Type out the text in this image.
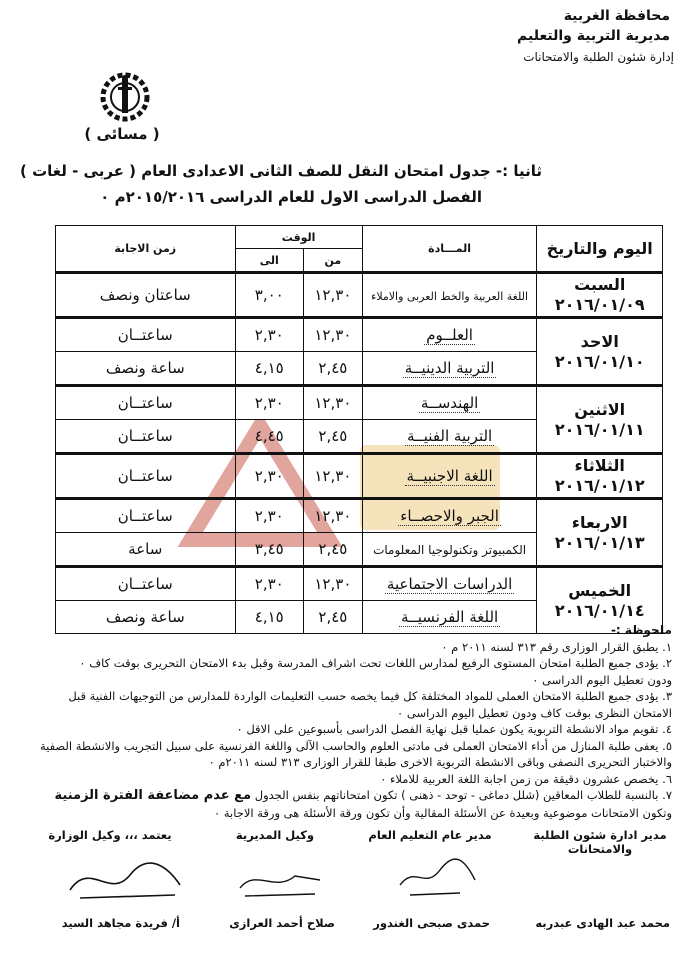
محافظة الغربية
مديرية التربية والتعليم
إدارة شئون الطلبة والامتحانات
( مسائى )
ثانيا :- جدول امتحان النقل للصف الثانى الاعدادى العام ( عربى - لغات )
الفصل الدراسى الاول للعام الدراسى ٢٠١٥/٢٠١٦م ٠
اليوم والتاريخ	المـــادة	الوقت		زمن الاجابة
		من	الى	

السبت
٢٠١٦/٠١/٠٩	اللغة العربية والخط العربى والاملاء	١٢,٣٠	٣,٠٠	ساعتان ونصف

الاحد
٢٠١٦/٠١/١٠	العلــوم	١٢,٣٠	٢,٣٠	ساعتــان
	التربية الدينيــة	٢,٤٥	٤,١٥	ساعة ونصف

الاثنين
٢٠١٦/٠١/١١	الهندســة	١٢,٣٠	٢,٣٠	ساعتــان
	التربية الفنيــة	٢,٤٥	٤,٤٥	ساعتــان

الثلاثاء
٢٠١٦/٠١/١٢	اللغة الاجنبيــة	١٢,٣٠	٢,٣٠	ساعتــان

الاربعاء
٢٠١٦/٠١/١٣	الجبر والاحصــاء	١٢,٣٠	٢,٣٠	ساعتــان
	الكمبيوتر وتكنولوجيا المعلومات	٢,٤٥	٣,٤٥	ساعة

الخميس
٢٠١٦/٠١/١٤	الدراسات الاجتماعية	١٢,٣٠	٢,٣٠	ساعتــان
	اللغة الفرنسيــة	٢,٤٥	٤,١٥	ساعة ونصف
ملحوظة :-
١. يطبق القرار الوزارى رقم ٣١٣ لسنه ٢٠١١ م ٠
٢. يؤدى جميع الطلبة امتحان المستوى الرفيع لمدارس اللغات تحت اشراف المدرسة وقبل بدء الامتحان التحريرى بوقت كاف ٠
ودون تعطيل اليوم الدراسى ٠
٣. يؤدى جميع الطلبة الامتحان العملى للمواد المختلفة كل فيما يخصه حسب التعليمات الواردة للمدارس من التوجيهات الفنية قبل
الامتحان النظرى بوقت كاف ودون تعطيل اليوم الدراسى ٠
٤. تقويم مواد الانشطة التربوية يكون عمليا قبل نهاية الفصل الدراسى بأسبوعين على الاقل ٠
٥. يعفى طلبة المنازل من أداء الامتحان العملى فى مادتى العلوم والحاسب الآلى واللغة الفرنسية على سبيل التجريب والانشطة الصفية
والاختبار التحريرى النصفى وباقى الانشطة التربوية الاخرى طبقا للقرار الوزارى ٣١٣ لسنه ٢٠١١م ٠
٦. يخصص عشرون دقيقة من زمن اجابة اللغة العربية للاملاء ٠
٧. بالنسبة للطلاب المعاقين (شلل دماغى - توحد - ذهنى ) تكون امتحاناتهم بنفس الجدول مع عدم مضاعفة الفترة الزمنية
وتكون الامتحانات موضوعية وبعيدة عن الأسئلة المقالية وأن تكون ورقة الأسئلة هى ورقة الاجابة ٠
مدير ادارة شئون الطلبة والامتحانات
محمد عبد الهادى عبدربه
مدير عام التعليم العام
حمدى صبحى الغندور
وكيل المديرية
صلاح أحمد العرازى
يعتمد ،،، وكيل الوزارة
أ/ فريدة مجاهد السيد
